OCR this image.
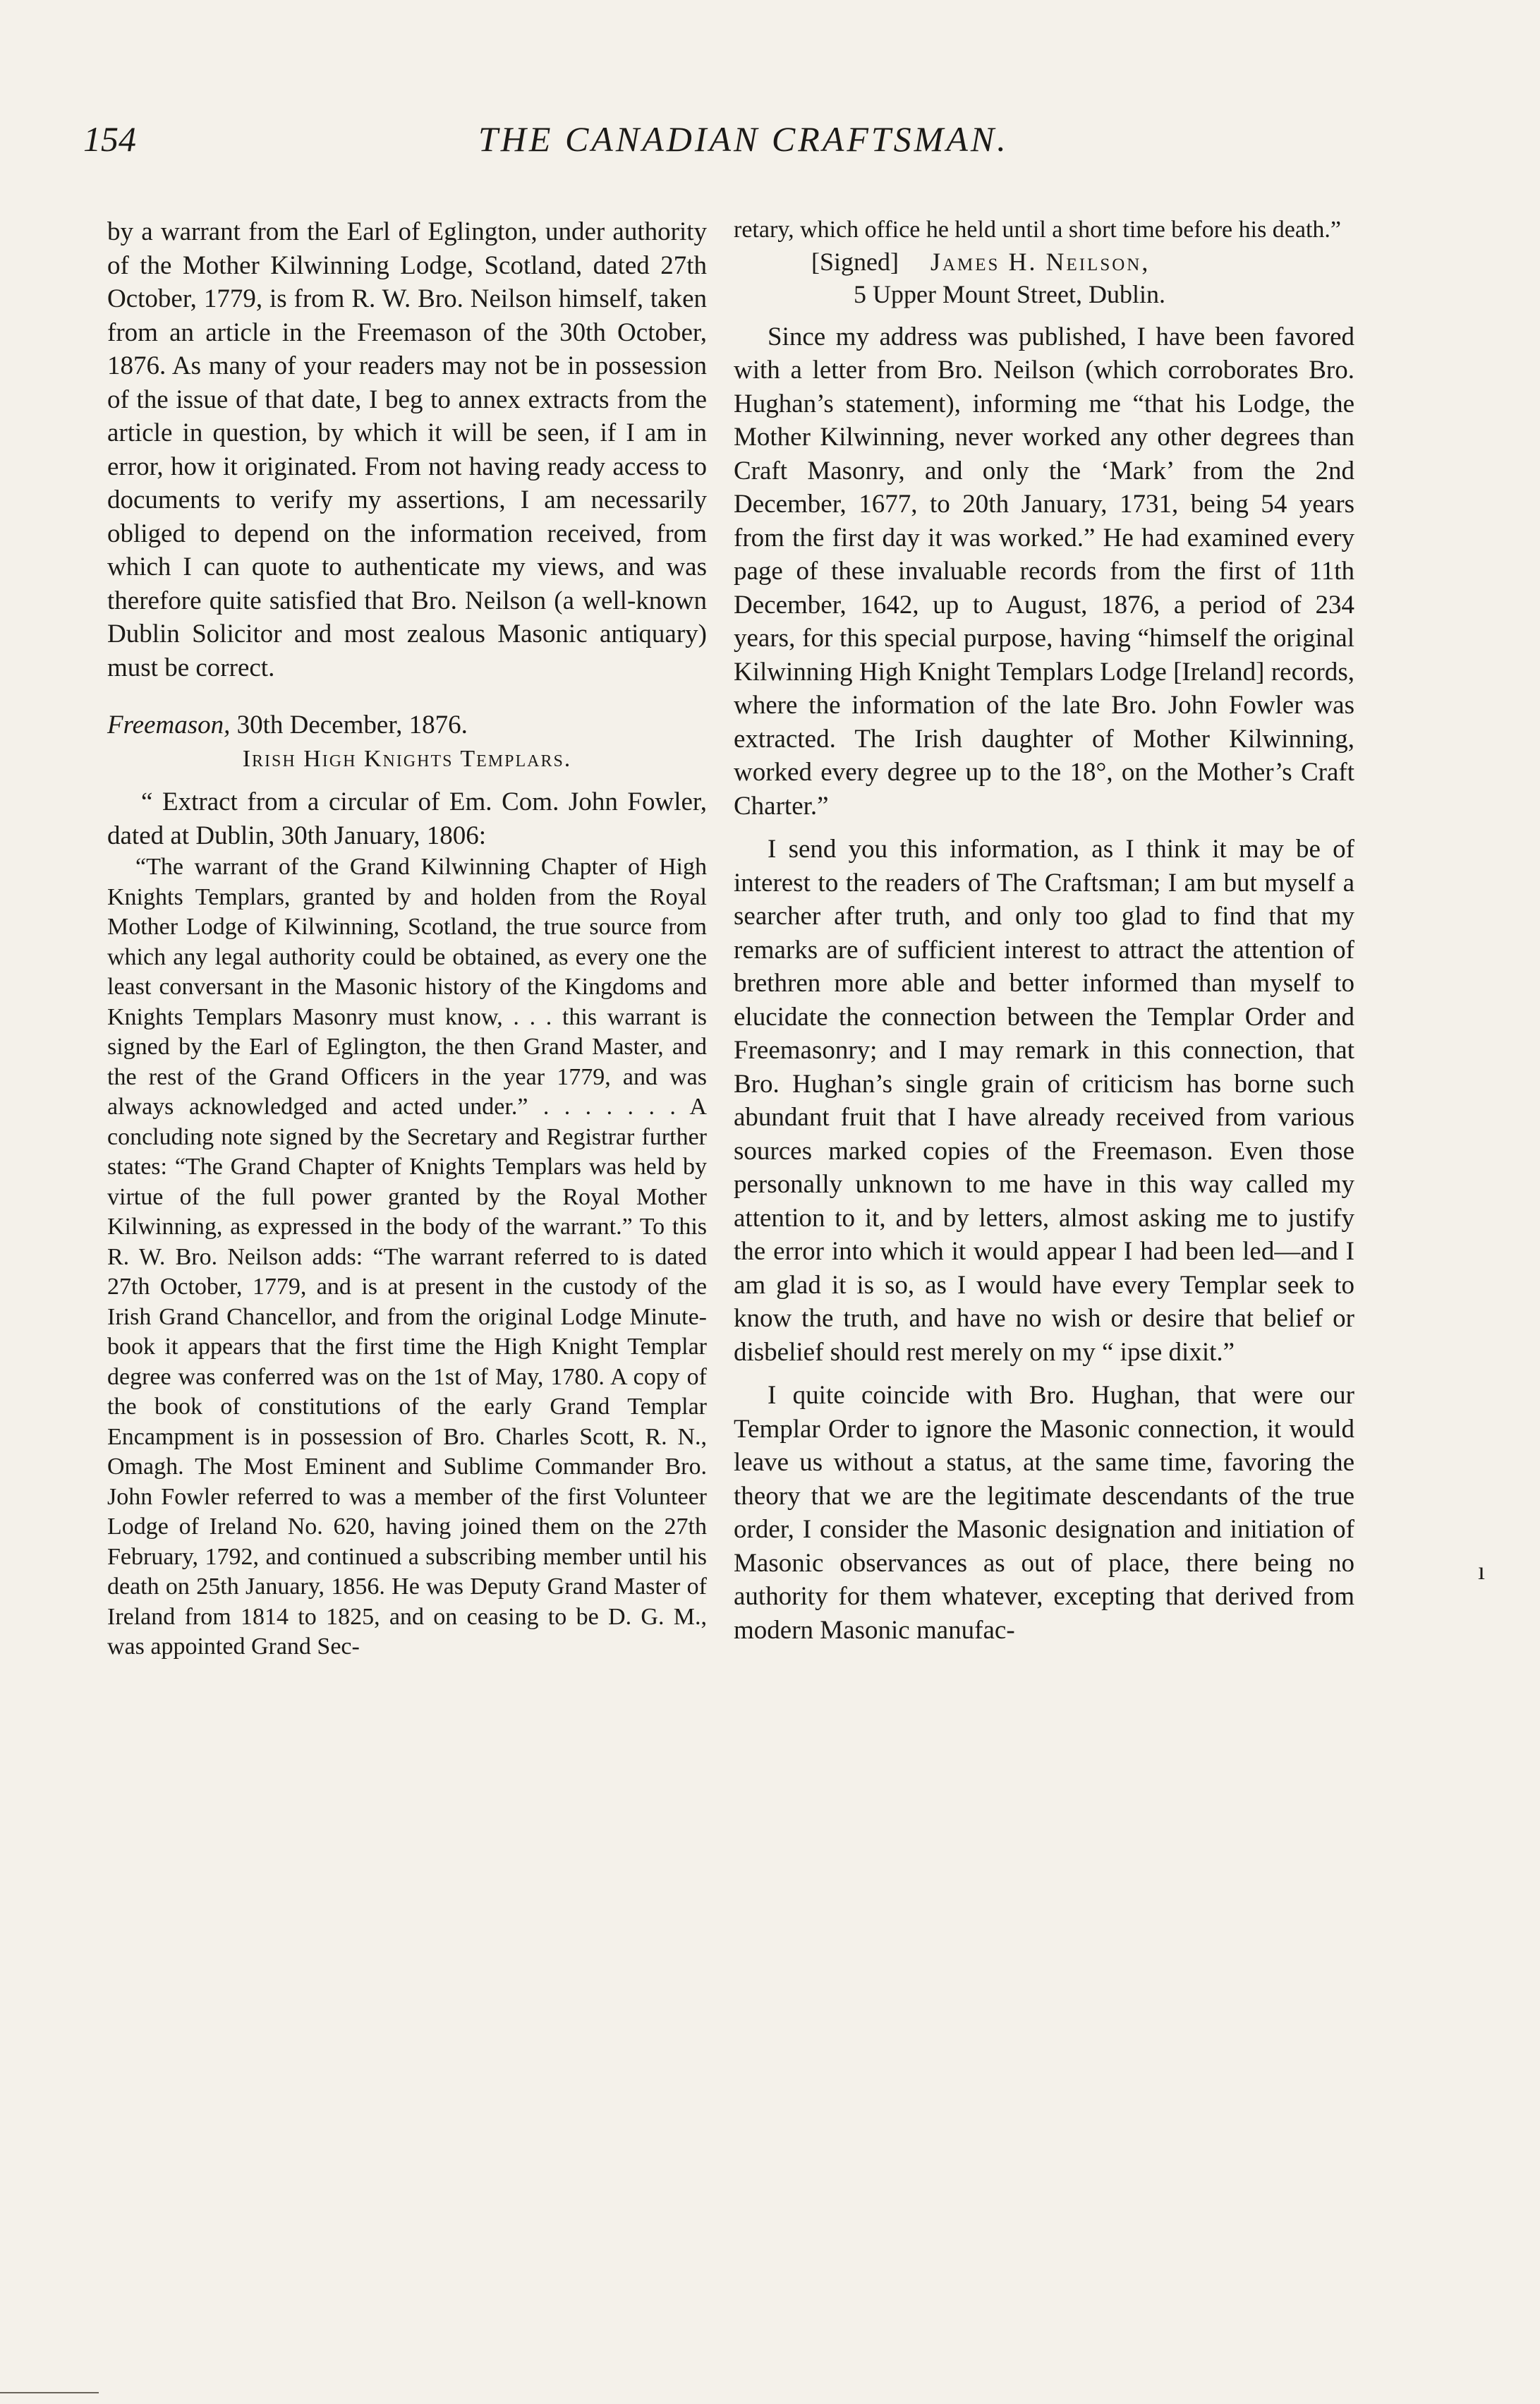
154	THE CANADIAN CRAFTSMAN.

by a warrant from the Earl of Eglington, under authority of the Mother Kilwinning Lodge, Scotland, dated 27th October, 1779, is from R. W. Bro. Neilson himself, taken from an article in the Freemason of the 30th October, 1876. As many of your readers may not be in possession of the issue of that date, I beg to annex extracts from the article in question, by which it will be seen, if I am in error, how it originated. From not having ready access to documents to verify my assertions, I am necessarily obliged to depend on the information received, from which I can quote to authenticate my views, and was therefore quite satisfied that Bro. Neilson (a well-known Dublin Solicitor and most zealous Masonic antiquary) must be correct.

Freemason, 30th December, 1876.
Irish High Knights Templars.

“ Extract from a circular of Em. Com. John Fowler, dated at Dublin, 30th January, 1806:

“The warrant of the Grand Kilwinning Chapter of High Knights Templars, granted by and holden from the Royal Mother Lodge of Kilwinning, Scotland, the true source from which any legal authority could be obtained, as every one the least conversant in the Masonic history of the Kingdoms and Knights Templars Masonry must know, . . . this warrant is signed by the Earl of Eglington, the then Grand Master, and the rest of the Grand Officers in the year 1779, and was always acknowledged and acted under.” . . . . . . . A concluding note signed by the Secretary and Registrar further states: “The Grand Chapter of Knights Templars was held by virtue of the full power granted by the Royal Mother Kilwinning, as expressed in the body of the warrant.” To this R. W. Bro. Neilson adds: “The warrant referred to is dated 27th October, 1779, and is at present in the custody of the Irish Grand Chancellor, and from the original Lodge Minute-book it appears that the first time the High Knight Templar degree was conferred was on the 1st of May, 1780. A copy of the book of constitutions of the early Grand Templar Encampment is in possession of Bro. Charles Scott, R. N., Omagh. The Most Eminent and Sublime Commander Bro. John Fowler referred to was a member of the first Volunteer Lodge of Ireland No. 620, having joined them on the 27th February, 1792, and continued a subscribing member until his death on 25th January, 1856. He was Deputy Grand Master of Ireland from 1814 to 1825, and on ceasing to be D. G. M., was appointed Grand Sec-

retary, which office he held until a short time before his death.”

[Signed] James H. Neilson,
5 Upper Mount Street, Dublin.

Since my address was published, I have been favored with a letter from Bro. Neilson (which corroborates Bro. Hughan’s statement), informing me “that his Lodge, the Mother Kilwinning, never worked any other degrees than Craft Masonry, and only the ‘Mark’ from the 2nd December, 1677, to 20th January, 1731, being 54 years from the first day it was worked.” He had examined every page of these invaluable records from the first of 11th December, 1642, up to August, 1876, a period of 234 years, for this special purpose, having “himself the original Kilwinning High Knight Templars Lodge [Ireland] records, where the information of the late Bro. John Fowler was extracted. The Irish daughter of Mother Kilwinning, worked every degree up to the 18°, on the Mother’s Craft Charter.”

I send you this information, as I think it may be of interest to the readers of The Craftsman; I am but myself a searcher after truth, and only too glad to find that my remarks are of sufficient interest to attract the attention of brethren more able and better informed than myself to elucidate the connection between the Templar Order and Freemasonry; and I may remark in this connection, that Bro. Hughan’s single grain of criticism has borne such abundant fruit that I have already received from various sources marked copies of the Freemason. Even those personally unknown to me have in this way called my attention to it, and by letters, almost asking me to justify the error into which it would appear I had been led—and I am glad it is so, as I would have every Templar seek to know the truth, and have no wish or desire that belief or disbelief should rest merely on my “ ipse dixit.”

I quite coincide with Bro. Hughan, that were our Templar Order to ignore the Masonic connection, it would leave us without a status, at the same time, favoring the theory that we are the legitimate descendants of the true order, I consider the Masonic designation and initiation of Masonic observances as out of place, there being no authority for them whatever, excepting that derived from modern Masonic manufac-

ı
